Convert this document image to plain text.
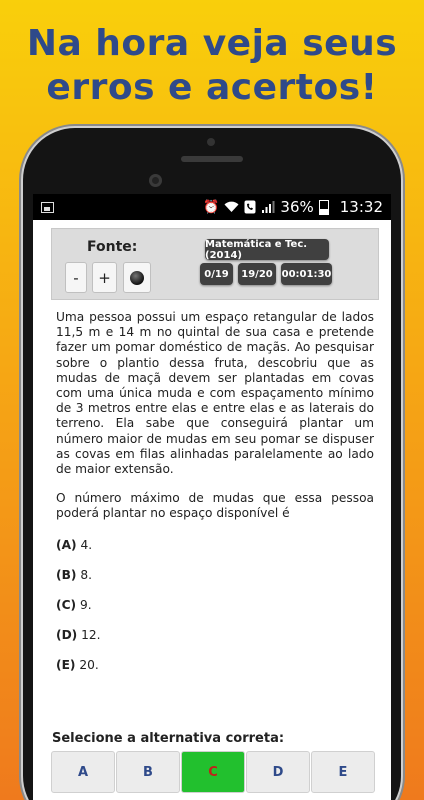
Na hora veja seus
erros e acertos!
⏰	36% 13:32
Fonte:
-	+
Matemática e Tec. (2014)
0/19	19/20 00:01:30

Uma pessoa possui um espaço retangular de lados 11,5 m e 14 m no quintal de sua casa e pretende fazer um pomar doméstico de maçãs. Ao pesquisar sobre o plantio dessa fruta, descobriu que as mudas de maçã devem ser plantadas em covas com uma única muda e com espaçamento mínimo de 3 metros entre elas e entre elas e as laterais do terreno. Ela sabe que conseguirá plantar um número maior de mudas em seu pomar se dispuser as covas em filas alinhadas paralelamente ao lado de maior extensão.

O número máximo de mudas que essa pessoa poderá plantar no espaço disponível é

(A) 4.
(B) 8.
(C) 9.
(D) 12.
(E) 20.
Selecione a alternativa correta:
A	B	C	D	E
